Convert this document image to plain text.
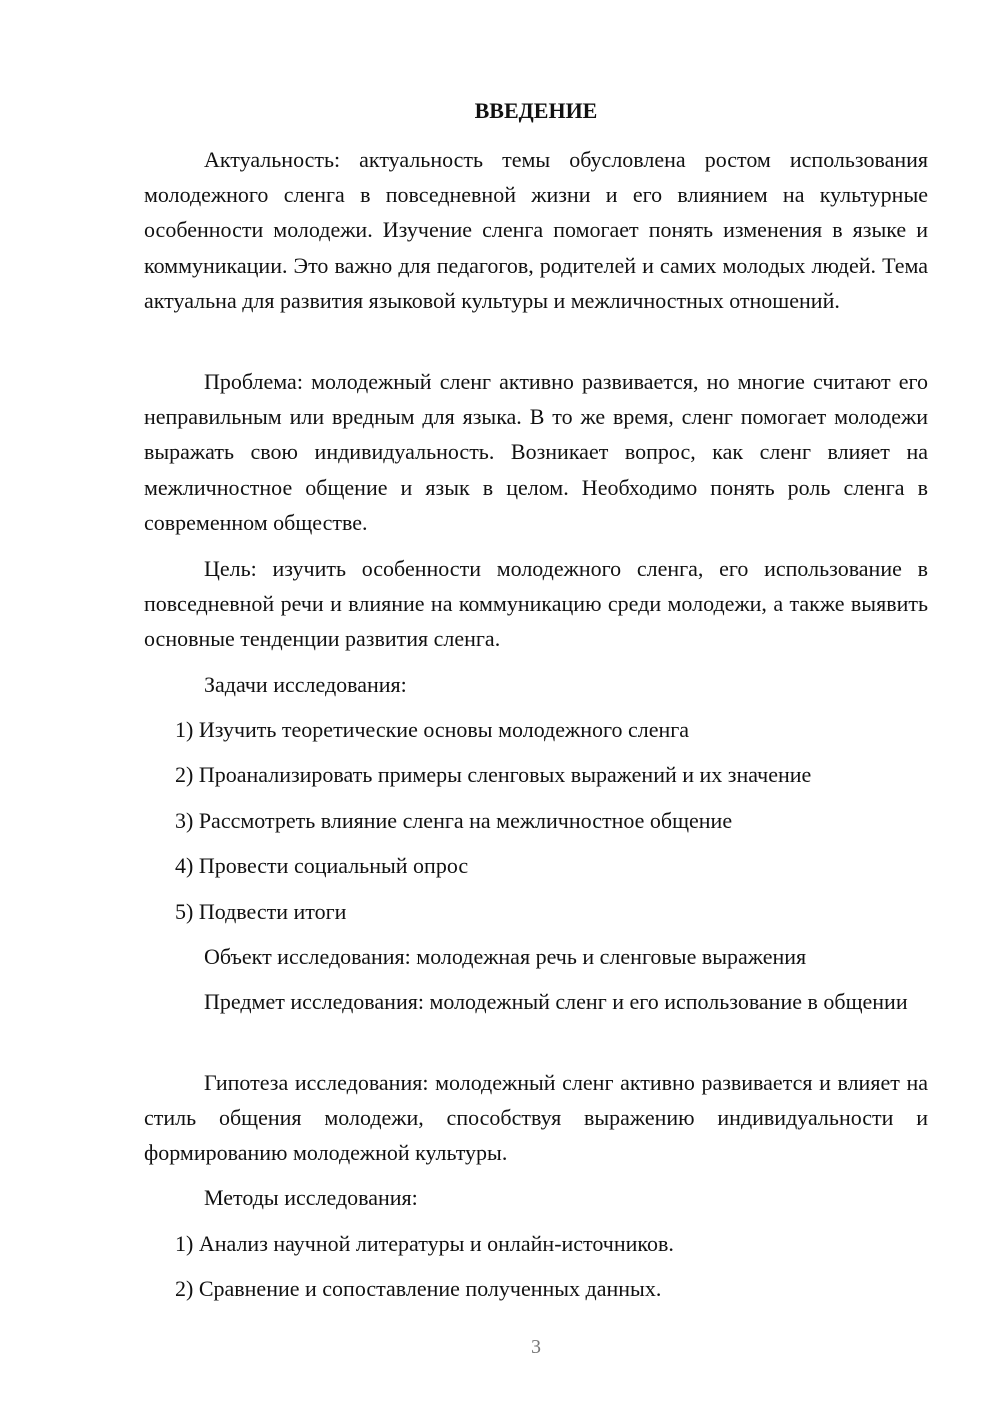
ВВЕДЕНИЕ

Актуальность: актуальность темы обусловлена ростом использования молодежного сленга в повседневной жизни и его влиянием на культурные особенности молодежи. Изучение сленга помогает понять изменения в языке и коммуникации. Это важно для педагогов, родителей и самих молодых людей. Тема актуальна для развития языковой культуры и межличностных отношений.

Проблема: молодежный сленг активно развивается, но многие считают его неправильным или вредным для языка. В то же время, сленг помогает молодежи выражать свою индивидуальность. Возникает вопрос, как сленг влияет на межличностное общение и язык в целом. Необходимо понять роль сленга в современном обществе.

Цель: изучить особенности молодежного сленга, его использование в повседневной речи и влияние на коммуникацию среди молодежи, а также выявить основные тенденции развития сленга.

Задачи исследования:
1) Изучить теоретические основы молодежного сленга
2) Проанализировать примеры сленговых выражений и их значение
3) Рассмотреть влияние сленга на межличностное общение
4) Провести социальный опрос
5) Подвести итоги
Объект исследования: молодежная речь и сленговые выражения

Предмет исследования: молодежный сленг и его использование в общении

Гипотеза исследования: молодежный сленг активно развивается и влияет на стиль общения молодежи, способствуя выражению индивидуальности и формированию молодежной культуры.

Методы исследования:
1) Анализ научной литературы и онлайн-источников.
2) Сравнение и сопоставление полученных данных.
3
